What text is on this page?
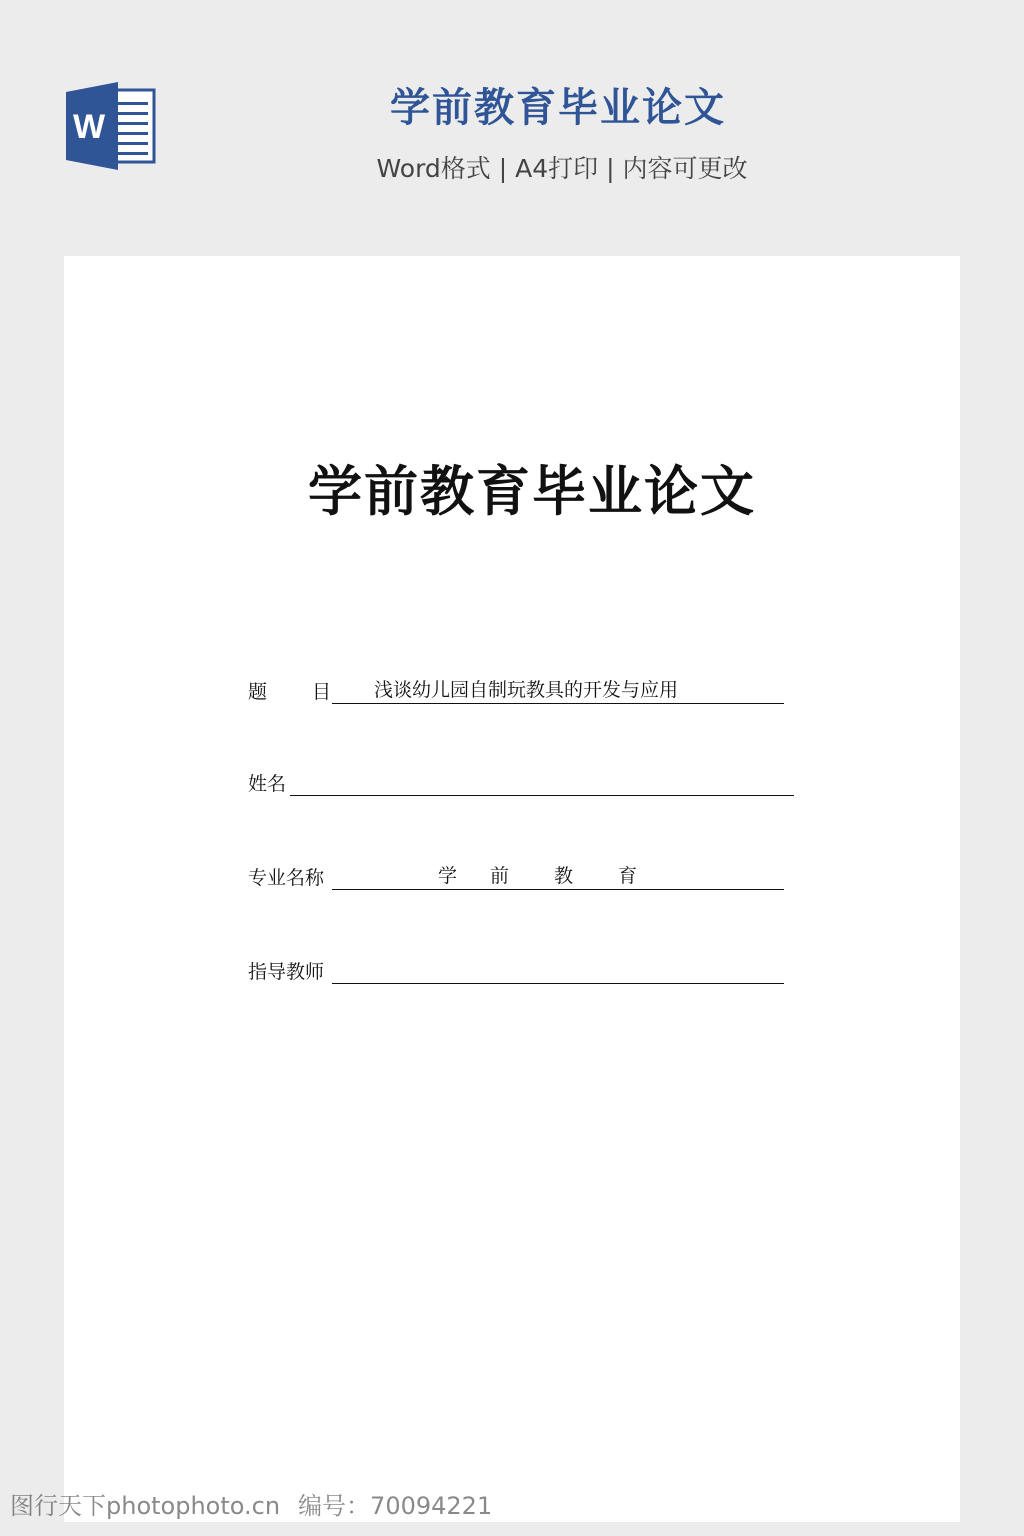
W	学前教育毕业论文
Word格式 | A4打印 | 内容可更改
学前教育毕业论文
题 目 浅谈幼儿园自制玩教具的开发与应用
姓名
专业名称	学 前 教 育
指导教师
图行天下photophoto.cn 编号：70094221
